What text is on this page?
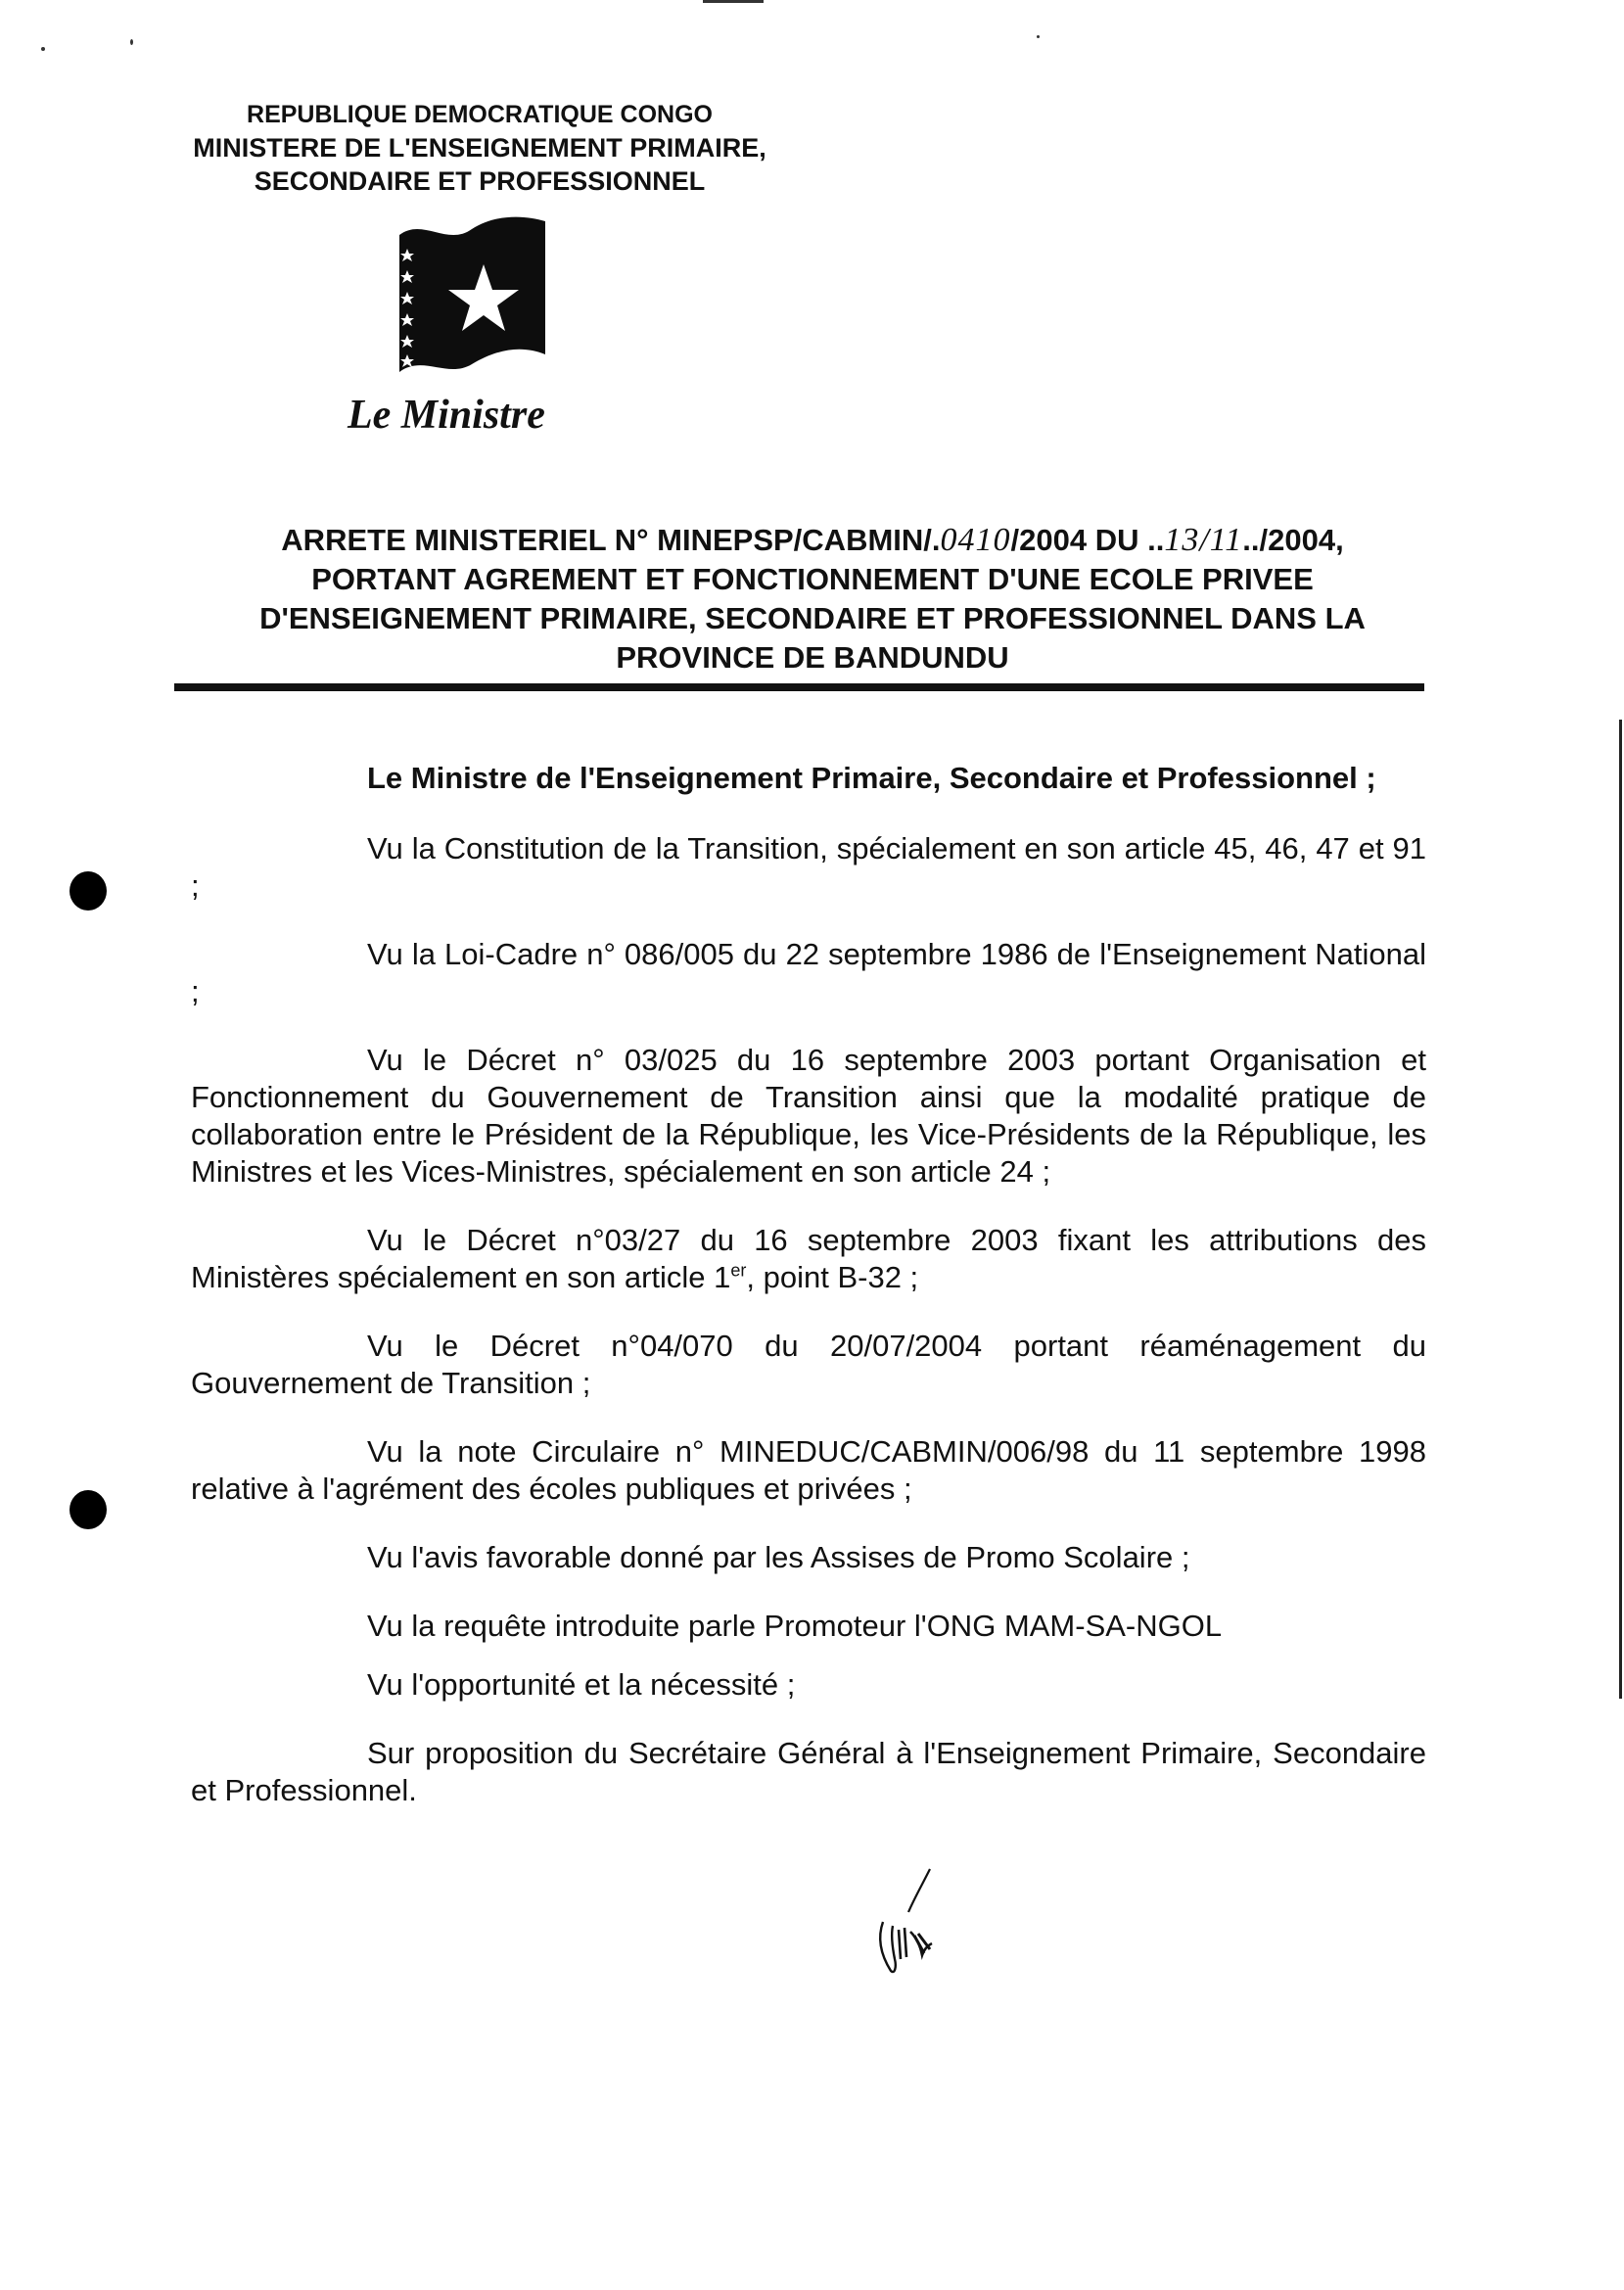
REPUBLIQUE DEMOCRATIQUE CONGO
MINISTERE DE L'ENSEIGNEMENT PRIMAIRE,
SECONDAIRE ET PROFESSIONNEL
Le Ministre
ARRETE MINISTERIEL N° MINEPSP/CABMIN/.0410/2004 DU ..13/11../2004,
PORTANT AGREMENT ET FONCTIONNEMENT D'UNE ECOLE PRIVEE
D'ENSEIGNEMENT PRIMAIRE, SECONDAIRE ET PROFESSIONNEL DANS LA
PROVINCE DE BANDUNDU

Le Ministre de l'Enseignement Primaire, Secondaire et Professionnel ;

Vu la Constitution de la Transition, spécialement en son article 45, 46, 47 et 91 ;

Vu la Loi-Cadre n° 086/005 du 22 septembre 1986 de l'Enseignement National ;

Vu le Décret n° 03/025 du 16 septembre 2003 portant Organisation et Fonctionnement du Gouvernement de Transition ainsi que la modalité pratique de collaboration entre le Président de la République, les Vice-Présidents de la République, les Ministres et les Vices-Ministres, spécialement en son article 24 ;

Vu le Décret n°03/27 du 16 septembre 2003 fixant les attributions des Ministères spécialement en son article 1er, point B-32 ;

Vu le Décret n°04/070 du 20/07/2004 portant réaménagement du Gouvernement de Transition ;

Vu la note Circulaire n° MINEDUC/CABMIN/006/98 du 11 septembre 1998 relative à l'agrément des écoles publiques et privées ;

Vu l'avis favorable donné par les Assises de Promo Scolaire ;

Vu la requête introduite parle Promoteur l'ONG MAM-SA-NGOL

Vu l'opportunité et la nécessité ;

Sur proposition du Secrétaire Général à l'Enseignement Primaire, Secondaire et Professionnel.
